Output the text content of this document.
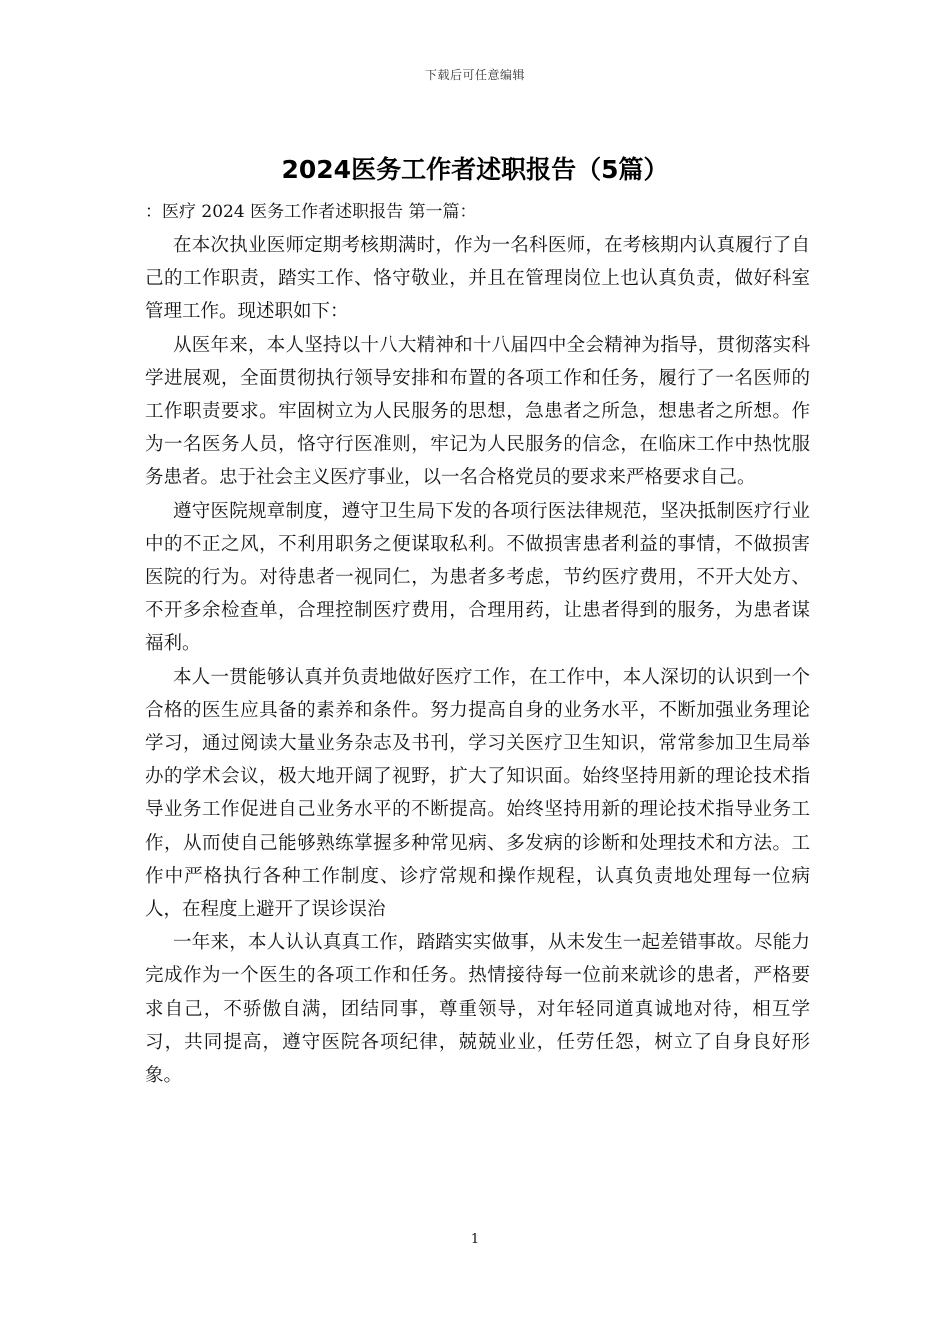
下载后可任意编辑
2024医务工作者述职报告（5篇）

：医疗 2024 医务工作者述职报告 第一篇：

在本次执业医师定期考核期满时，作为一名科医师，在考核期内认真履行了自己的工作职责，踏实工作、恪守敬业，并且在管理岗位上也认真负责，做好科室管理工作。现述职如下：

从医年来，本人坚持以十八大精神和十八届四中全会精神为指导，贯彻落实科学进展观，全面贯彻执行领导安排和布置的各项工作和任务，履行了一名医师的工作职责要求。牢固树立为人民服务的思想，急患者之所急，想患者之所想。作为一名医务人员，恪守行医准则，牢记为人民服务的信念，在临床工作中热忱服务患者。忠于社会主义医疗事业，以一名合格党员的要求来严格要求自己。

遵守医院规章制度，遵守卫生局下发的各项行医法律规范，坚决抵制医疗行业中的不正之风，不利用职务之便谋取私利。不做损害患者利益的事情，不做损害医院的行为。对待患者一视同仁，为患者多考虑，节约医疗费用，不开大处方、不开多余检查单，合理控制医疗费用，合理用药，让患者得到的服务，为患者谋福利。

本人一贯能够认真并负责地做好医疗工作，在工作中，本人深切的认识到一个合格的医生应具备的素养和条件。努力提高自身的业务水平，不断加强业务理论学习，通过阅读大量业务杂志及书刊，学习关医疗卫生知识，常常参加卫生局举办的学术会议，极大地开阔了视野，扩大了知识面。始终坚持用新的理论技术指导业务工作促进自己业务水平的不断提高。始终坚持用新的理论技术指导业务工作，从而使自己能够熟练掌握多种常见病、多发病的诊断和处理技术和方法。工作中严格执行各种工作制度、诊疗常规和操作规程，认真负责地处理每一位病人，在程度上避开了误诊误治

一年来，本人认认真真工作，踏踏实实做事，从未发生一起差错事故。尽能力完成作为一个医生的各项工作和任务。热情接待每一位前来就诊的患者，严格要求自己，不骄傲自满，团结同事，尊重领导，对年轻同道真诚地对待，相互学习，共同提高，遵守医院各项纪律，兢兢业业，任劳任怨，树立了自身良好形象。

1
